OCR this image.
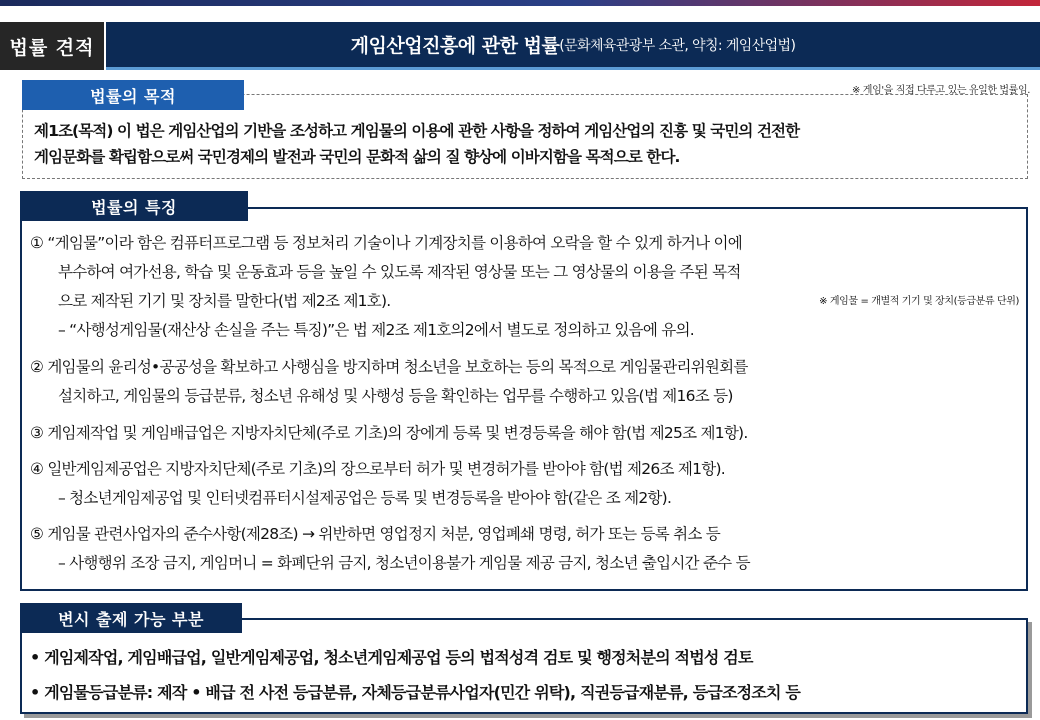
법률 견적	게임산업진흥에 관한 법률 (문화체육관광부 소관, 약칭: 게임산업법)
법률의 목적	※ 게임'을 직접 다루고 있는 유일한 법률임.
제1조(목적) 이 법은 게임산업의 기반을 조성하고 게임물의 이용에 관한 사항을 정하여 게임산업의 진흥 및 국민의 건전한
게임문화를 확립함으로써 국민경제의 발전과 국민의 문화적 삶의 질 향상에 이바지함을 목적으로 한다.
법률의 특징
① “게임물”이라 함은 컴퓨터프로그램 등 정보처리 기술이나 기계장치를 이용하여 오락을 할 수 있게 하거나 이에
부수하여 여가선용, 학습 및 운동효과 등을 높일 수 있도록 제작된 영상물 또는 그 영상물의 이용을 주된 목적
으로 제작된 기기 및 장치를 말한다(법 제2조 제1호).	※ 게임물 = 개별적 기기 및 장치(등급분류 단위)
– “사행성게임물(재산상 손실을 주는 특징)”은 법 제2조 제1호의2에서 별도로 정의하고 있음에 유의.
② 게임물의 윤리성•공공성을 확보하고 사행심을 방지하며 청소년을 보호하는 등의 목적으로 게임물관리위원회를
설치하고, 게임물의 등급분류, 청소년 유해성 및 사행성 등을 확인하는 업무를 수행하고 있음(법 제16조 등)
③ 게임제작업 및 게임배급업은 지방자치단체(주로 기초)의 장에게 등록 및 변경등록을 해야 함(법 제25조 제1항).
④ 일반게임제공업은 지방자치단체(주로 기초)의 장으로부터 허가 및 변경허가를 받아야 함(법 제26조 제1항).
– 청소년게임제공업 및 인터넷컴퓨터시설제공업은 등록 및 변경등록을 받아야 함(같은 조 제2항).
⑤ 게임물 관련사업자의 준수사항(제28조) → 위반하면 영업정지 처분, 영업폐쇄 명령, 허가 또는 등록 취소 등
– 사행행위 조장 금지, 게임머니 = 화폐단위 금지, 청소년이용불가 게임물 제공 금지, 청소년 출입시간 준수 등
변시 출제 가능 부분
• 게임제작업, 게임배급업, 일반게임제공업, 청소년게임제공업 등의 법적성격 검토 및 행정처분의 적법성 검토
• 게임물등급분류: 제작 • 배급 전 사전 등급분류, 자체등급분류사업자(민간 위탁), 직권등급재분류, 등급조정조치 등
